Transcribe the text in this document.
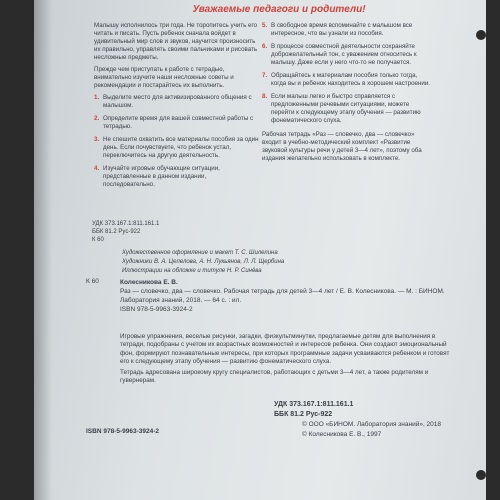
Уважаемые педагоги и родители!

Малышу исполнилось три года. Не торопитесь учить его читать и писать. Пусть ребенок сначала войдет в удивительный мир слов и звуков, научится произносить их правильно, управлять своими пальчиками и рисовать несложные предметы.

Прежде чем приступать к работе с тетрадью, внимательно изучите наши несложные советы и рекомендации и постарайтесь их выполнить.

1. Выделите место для активизированного общения с малышом.
2. Определите время для вашей совместной работы с тетрадью.
3. Не спешите охватить все материалы пособия за один день. Если почувствуете, что ребенок устал, переключитесь на другую деятельность.
4. Изучайте игровые обучающие ситуации, представленные в данном издании, последовательно.
5. В свободное время вспоминайте с малышом все интересное, что вы узнали из пособия.
6. В процессе совместной деятельности сохраняйте доброжелательный тон, с уважением относитесь к малышу. Даже если у него что-то не получается.
7. Обращайтесь к материалам пособия только тогда, когда вы и ребенок находитесь в хорошем настроении.
8. Если малыш легко и быстро справляется с предложенными речевыми ситуациями, можете перейти к следующему этапу обучения — развитию фонематического слуха.

Рабочая тетрадь «Раз — словечко, два — словечко» входит в учебно-методический комплект «Развитие звуковой культуры речи у детей 3—4 лет», поэтому оба издания желательно использовать в комплекте.

УДК 373.167.1:811.161.1
ББК 81.2 Рус-922
К 60
Художественное оформление и макет Т. С. Шилелина
Художники В. А. Цепелова, А. Н. Лукьянов, Л. Л. Щербина
Иллюстрации на обложке и титуле Н. Р. Синёва
К 60	Колесникова Е. В.
Раз — словечко, два — словечко. Рабочая тетрадь для детей 3—4 лет / Е. В. Колесникова. — М. : БИНОМ. Лаборатория знаний, 2018. — 64 с. : ил.
ISBN 978-5-9963-3924-2

Игровые упражнения, веселые рисунки, загадки, физкультминутки, предлагаемые детям для выполнения в тетради, подобраны с учетом их возрастных возможностей и интересов ребенка. Они создают эмоциональный фон, формируют познавательные интересы, при которых программные задачи усваиваются ребенком и готовят его к следующему этапу обучения — развитию фонематического слуха.

Тетрадь адресована широкому кругу специалистов, работающих с детьми 3—4 лет, а также родителям и гувернерам.

УДК 373.167.1:811.161.1
ББК 81.2 Рус-922
ISBN 978-5-9963-3924-2
© ООО «БИНОМ. Лаборатория знаний», 2018
© Колесникова Е. В., 1997
